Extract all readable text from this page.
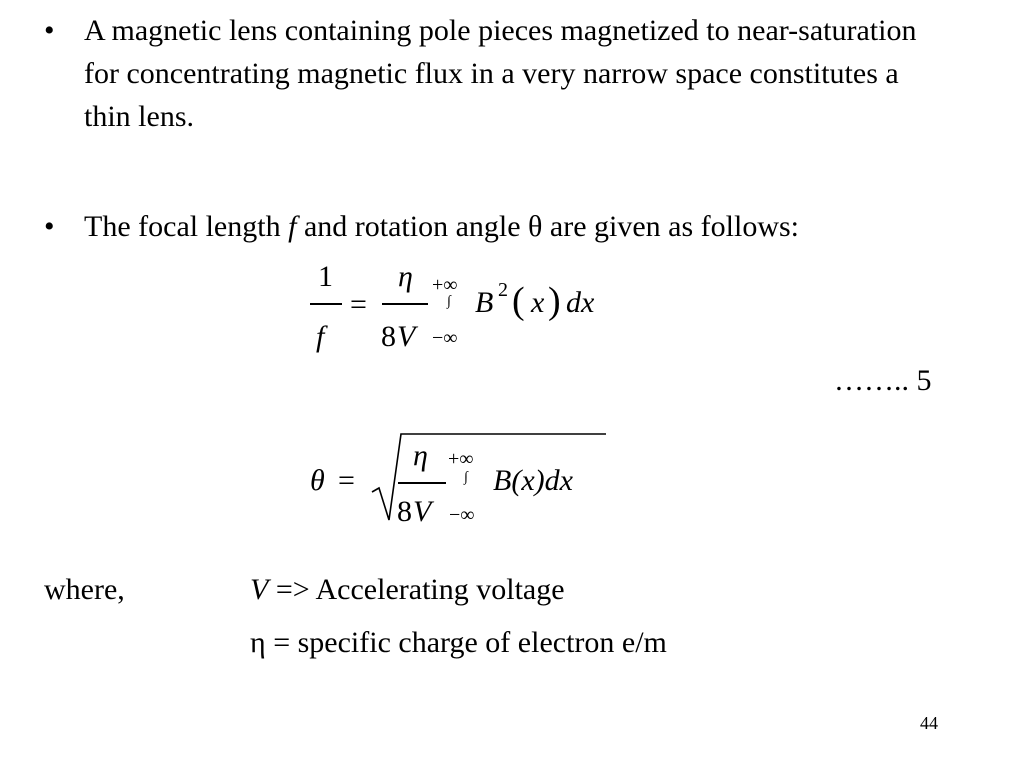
• A magnetic lens containing pole pieces magnetized to near-saturation for concentrating magnetic flux in a very narrow space constitutes a thin lens.
• The focal length f and rotation angle θ are given as follows:
1
f
=
η
8 V
+∞
∫
−∞
B 2 ( x ) dx
…….. 5
θ =
η
8 V
+∞
∫
−∞
B(x)dx
where,	V => Accelerating voltage
η = specific charge of electron e/m
44
